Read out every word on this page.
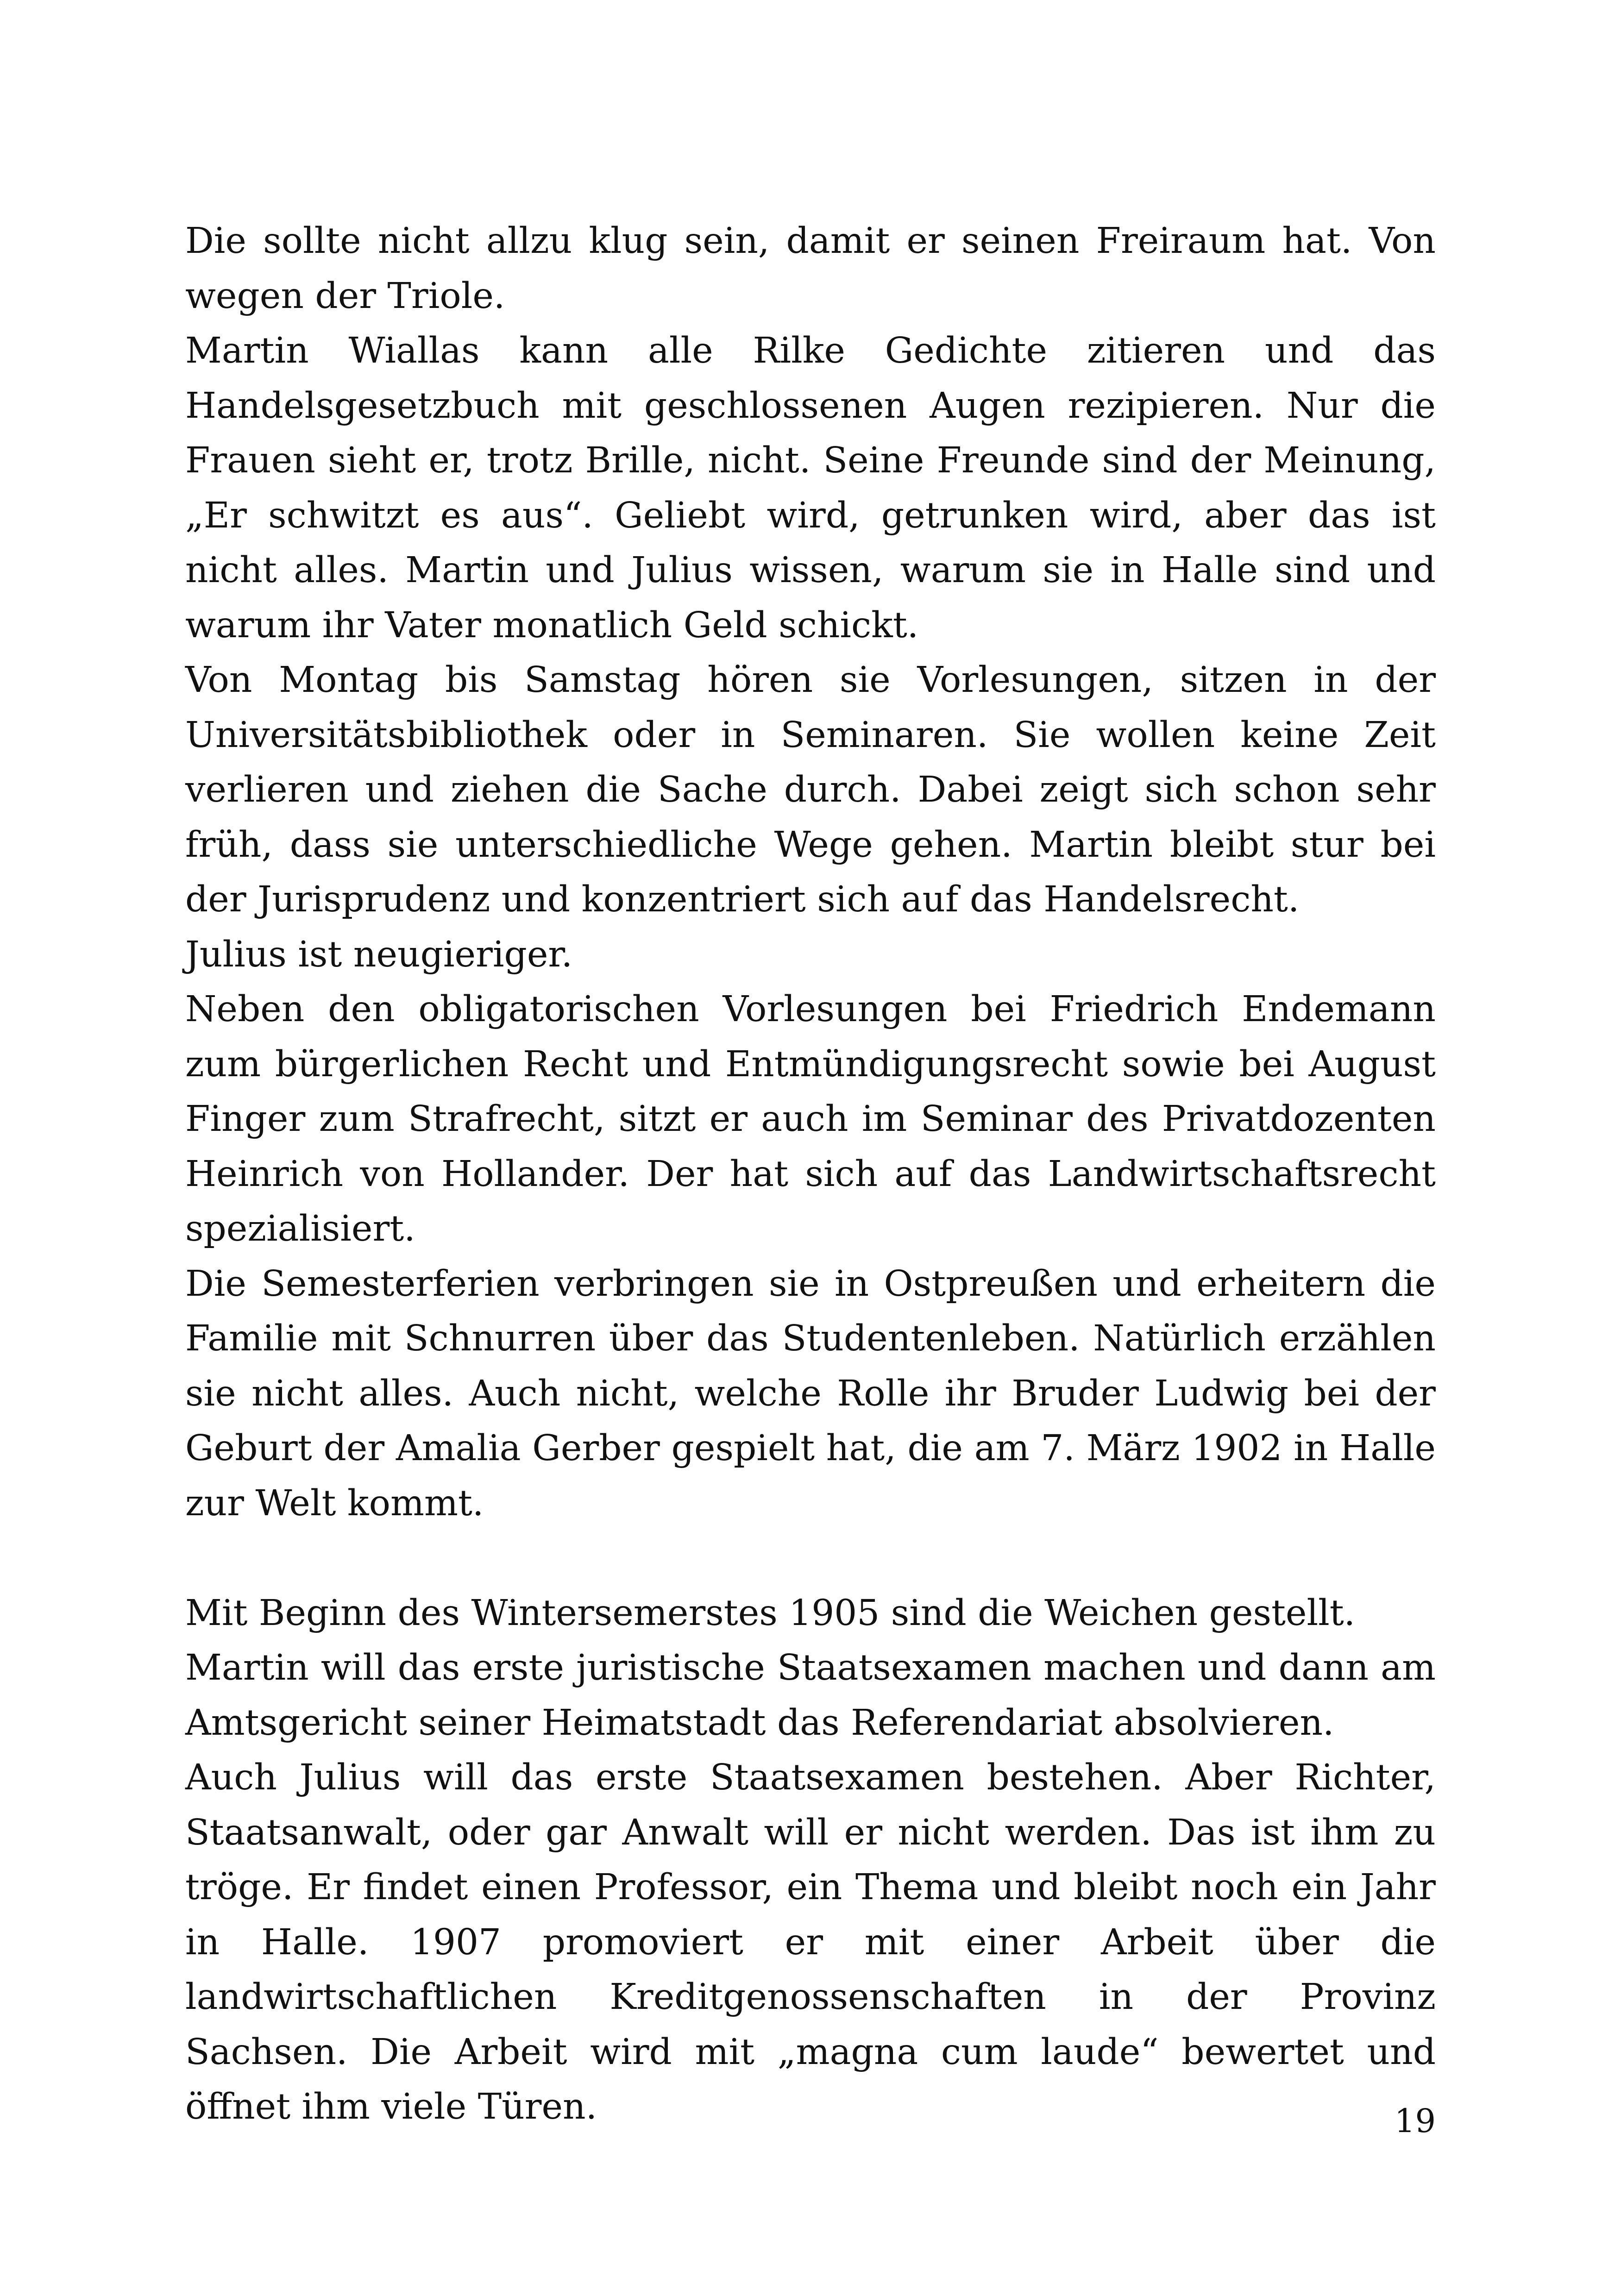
Die sollte nicht allzu klug sein, damit er seinen Freiraum hat. Von wegen der Triole.

Martin Wiallas kann alle Rilke Gedichte zitieren und das Handelsgesetzbuch mit geschlossenen Augen rezipieren. Nur die Frauen sieht er, trotz Brille, nicht. Seine Freunde sind der Meinung, „Er schwitzt es aus“. Geliebt wird, getrunken wird, aber das ist nicht alles. Martin und Julius wissen, warum sie in Halle sind und warum ihr Vater monatlich Geld schickt.

Von Montag bis Samstag hören sie Vorlesungen, sitzen in der Universitätsbibliothek oder in Seminaren. Sie wollen keine Zeit verlieren und ziehen die Sache durch. Dabei zeigt sich schon sehr früh, dass sie unterschiedliche Wege gehen. Martin bleibt stur bei der Jurisprudenz und konzentriert sich auf das Handelsrecht.

Julius ist neugieriger.

Neben den obligatorischen Vorlesungen bei Friedrich Endemann zum bürgerlichen Recht und Entmündigungsrecht sowie bei August Finger zum Strafrecht, sitzt er auch im Seminar des Privatdozenten Heinrich von Hollander. Der hat sich auf das Landwirtschaftsrecht spezialisiert.

Die Semesterferien verbringen sie in Ostpreußen und erheitern die Familie mit Schnurren über das Studentenleben. Natürlich erzählen sie nicht alles. Auch nicht, welche Rolle ihr Bruder Ludwig bei der Geburt der Amalia Gerber gespielt hat, die am 7. März 1902 in Halle zur Welt kommt.

Mit Beginn des Wintersemerstes 1905 sind die Weichen gestellt.

Martin will das erste juristische Staatsexamen machen und dann am Amtsgericht seiner Heimatstadt das Referendariat absolvieren.

Auch Julius will das erste Staatsexamen bestehen. Aber Richter, Staatsanwalt, oder gar Anwalt will er nicht werden. Das ist ihm zu tröge. Er findet einen Professor, ein Thema und bleibt noch ein Jahr in Halle. 1907 promoviert er mit einer Arbeit über die landwirtschaftlichen Kreditgenossenschaften in der Provinz Sachsen. Die Arbeit wird mit „magna cum laude“ bewertet und öffnet ihm viele Türen.	19
